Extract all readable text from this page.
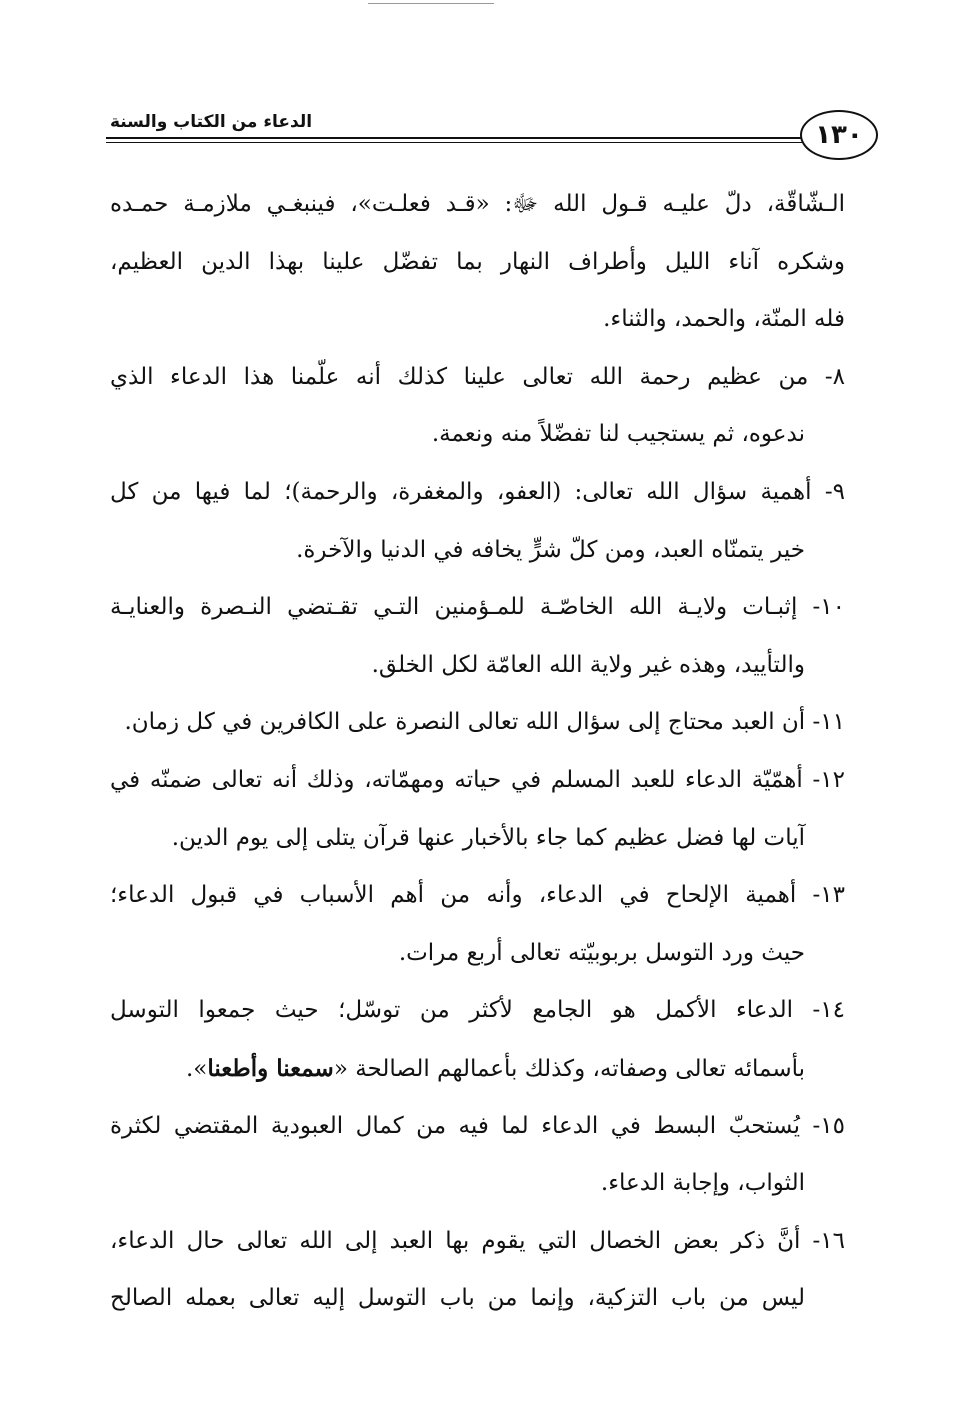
الدعاء من الكتاب والسنة	١٣٠
الـشّاقّة، دلّ عليـه قـول الله ﷻ: «قـد فعلـت»، فينبغـي ملازمـة حمـده
وشكره آناء الليل وأطراف النهار بما تفضّل علينا بهذا الدين العظيم،
فله المنّة، والحمد، والثناء.
٨- من عظيم رحمة الله تعالى علينا كذلك أنه علّمنا هذا الدعاء الذي
ندعوه، ثم يستجيب لنا تفضّلاً منه ونعمة.
٩- أهمية سؤال الله تعالى: (العفو، والمغفرة، والرحمة)؛ لما فيها من كل
خير يتمنّاه العبد، ومن كلّ شرٍّ يخافه في الدنيا والآخرة.
١٠- إثبـات ولايـة الله الخاصّـة للمـؤمنين التـي تقـتضي النـصرة والعنايـة
والتأييد، وهذه غير ولاية الله العامّة لكل الخلق.
١١- أن العبد محتاج إلى سؤال الله تعالى النصرة على الكافرين في كل زمان.
١٢- أهمّيّة الدعاء للعبد المسلم في حياته ومهمّاته، وذلك أنه تعالى ضمنّه في
آيات لها فضل عظيم كما جاء بالأخبار عنها قرآن يتلى إلى يوم الدين.
١٣- أهمية الإلحاح في الدعاء، وأنه من أهم الأسباب في قبول الدعاء؛
حيث ورد التوسل بربوبيّته تعالى أربع مرات.
١٤- الدعاء الأكمل هو الجامع لأكثر من توسّل؛ حيث جمعوا التوسل
بأسمائه تعالى وصفاته، وكذلك بأعمالهم الصالحة «سمعنا وأطعنا».
١٥- يُستحبّ البسط في الدعاء لما فيه من كمال العبودية المقتضي لكثرة
الثواب، وإجابة الدعاء.
١٦- أنَّ ذكر بعض الخصال التي يقوم بها العبد إلى الله تعالى حال الدعاء،
ليس من باب التزكية، وإنما من باب التوسل إليه تعالى بعمله الصالح
